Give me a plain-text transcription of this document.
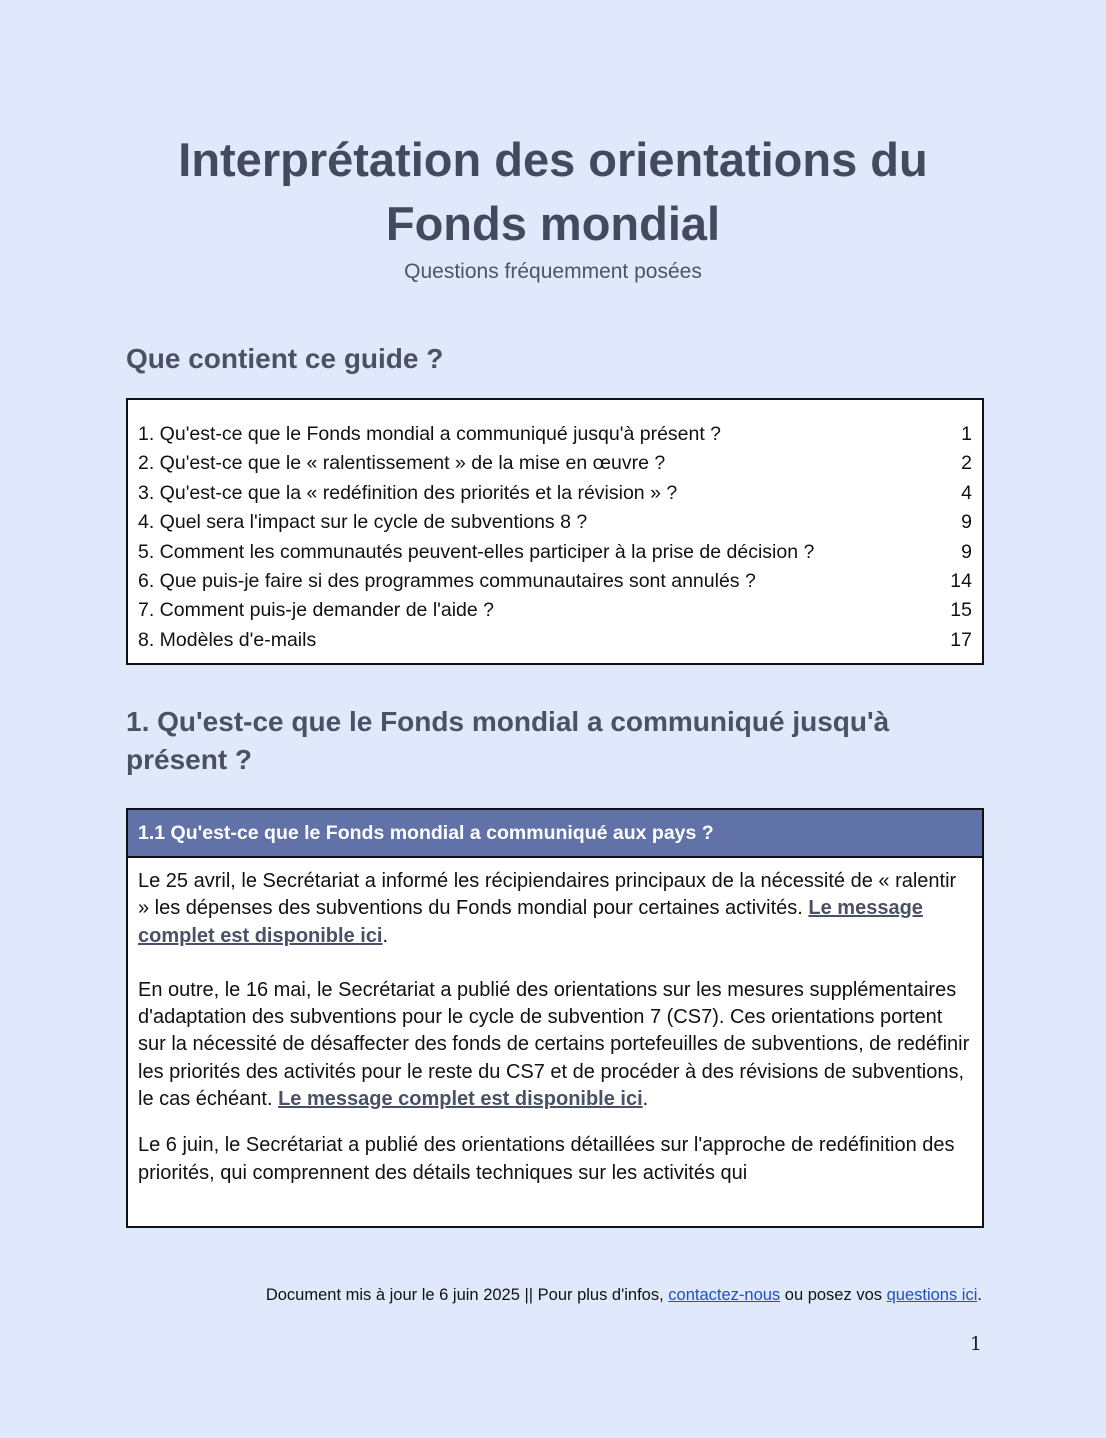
Interprétation des orientations du
Fonds mondial

Questions fréquemment posées

Que contient ce guide ?
1. Qu'est-ce que le Fonds mondial a communiqué jusqu'à présent ?	1
2. Qu'est-ce que le « ralentissement » de la mise en œuvre ?	2
3. Qu'est-ce que la « redéfinition des priorités et la révision » ?	4
4. Quel sera l'impact sur le cycle de subventions 8 ?	9
5. Comment les communautés peuvent-elles participer à la prise de décision ?	9
6. Que puis-je faire si des programmes communautaires sont annulés ?	14
7. Comment puis-je demander de l'aide ?	15
8. Modèles d'e-mails	17
1. Qu'est-ce que le Fonds mondial a communiqué jusqu'à présent ?
1.1 Qu'est-ce que le Fonds mondial a communiqué aux pays ?

Le 25 avril, le Secrétariat a informé les récipiendaires principaux de la nécessité de « ralentir » les dépenses des subventions du Fonds mondial pour certaines activités. Le message complet est disponible ici.

En outre, le 16 mai, le Secrétariat a publié des orientations sur les mesures supplémentaires d'adaptation des subventions pour le cycle de subvention 7 (CS7). Ces orientations portent sur la nécessité de désaffecter des fonds de certains portefeuilles de subventions, de redéfinir les priorités des activités pour le reste du CS7 et de procéder à des révisions de subventions, le cas échéant. Le message complet est disponible ici.

Le 6 juin, le Secrétariat a publié des orientations détaillées sur l'approche de redéfinition des priorités, qui comprennent des détails techniques sur les activités qui

Document mis à jour le 6 juin 2025 || Pour plus d'infos, contactez-nous ou posez vos questions ici.
1
